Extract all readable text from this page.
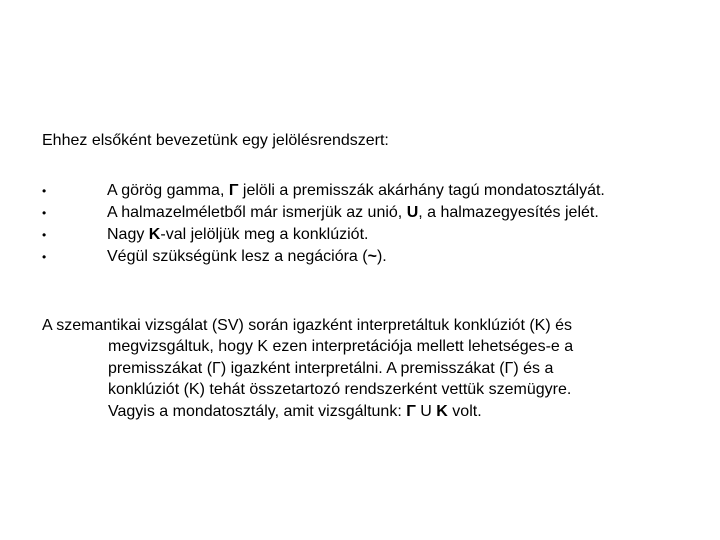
Ehhez elsőként bevezetünk egy jelölésrendszert:

•	A görög gamma, Γ jelöli a premisszák akárhány tagú mondatosztályát.
•	A halmazelméletből már ismerjük az unió, U, a halmazegyesítés jelét.
•	Nagy K-val jelöljük meg a konklúziót.
•	Végül szükségünk lesz a negációra (~).
A szemantikai vizsgálat (SV) során igazként interpretáltuk konklúziót (K) és
megvizsgáltuk, hogy K ezen interpretációja mellett lehetséges-e a
premisszákat (Γ) igazként interpretálni. A premisszákat (Γ) és a
konklúziót (K) tehát összetartozó rendszerként vettük szemügyre.
Vagyis a mondatosztály, amit vizsgáltunk: Γ U K volt.
